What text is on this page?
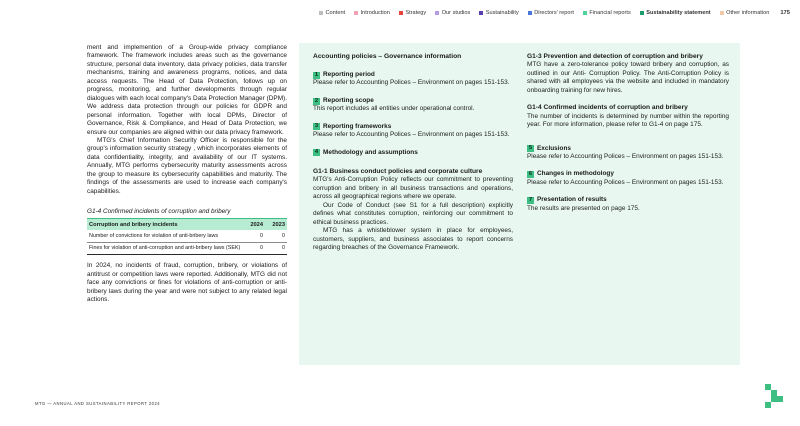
Content	Introduction	Strategy	Our studios	Sustainability	Directors' report	Financial reports	Sustainability statement	Other information 175

ment and implemention of a Group-wide privacy compliance framework. The framework includes areas such as the governance structure, personal data inventory, data privacy policies, data transfer mechanisms, training and awareness programs, notices, and data access requests. The Head of Data Protection, follows up on progress, monitoring, and further developments through regular dialogues with each local company's Data Protection Manager (DPM). We address data protection through our policies for GDPR and personal information. Together with local DPMs, Director of Governance, Risk & Compliance, and Head of Data Protection, we ensure our companies are aligned within our data privacy framework.

MTG's Chief Information Security Officer is responsible for the group's information security strategy , which incorporates elements of data confidentiality, integrity, and availability of our IT systems. Annually, MTG performs cybersecurity maturity assessments across the group to measure its cybersecurity capabilities and maturity. The findings of the assessments are used to increase each company's capabilities.

G1-4 Confirmed incidents of corruption and bribery

Corruption and bribery incidents	2024	2023
Number of convictions for violation of anti-bribery laws	0	0
Fines for violation of anti-corruption and anti-bribery laws (SEK)	0	0

In 2024, no incidents of fraud, corruption, bribery, or violations of antitrust or competition laws were reported. Additionally, MTG did not face any convictions or fines for violations of anti-corruption or anti-bribery laws during the year and were not subject to any related legal actions.

Accounting policies – Governance information
1 Reporting period

Please refer to Accounting Polices – Environment on pages 151-153.

2 Reporting scope

This report includes all entities under operational control.

3 Reporting frameworks

Please refer to Accounting Polices – Environment on pages 151-153.

4 Methodology and assumptions
G1-1 Business conduct policies and corporate culture

MTG's Anti-Corruption Policy reflects our commitment to preventing corruption and bribery in all business transactions and operations, across all geographical regions where we operate.

Our Code of Conduct (see S1 for a full description) explicitly defines what constitutes corruption, reinforcing our commitment to ethical business practices.

MTG has a whistleblower system in place for employees, customers, suppliers, and business associates to report concerns regarding breaches of the Governance Framework.

G1-3 Prevention and detection of corruption and bribery

MTG have a zero-tolerance policy toward bribery and corruption, as outlined in our Anti- Corruption Policy. The Anti-Corruption Policy is shared with all employees via the website and included in mandatory onboarding training for new hires.

G1-4 Confirmed incidents of corruption and bribery

The number of incidents is determined by number within the reporting year. For more information, please refer to G1-4 on page 175.

5 Exclusions

Please refer to Accounting Polices – Environment on pages 151-153.

6 Changes in methodology

Please refer to Accounting Polices – Environment on pages 151-153.

7 Presentation of results

The results are presented on page 175.

MTG — ANNUAL AND SUSTAINABILITY REPORT 2024
